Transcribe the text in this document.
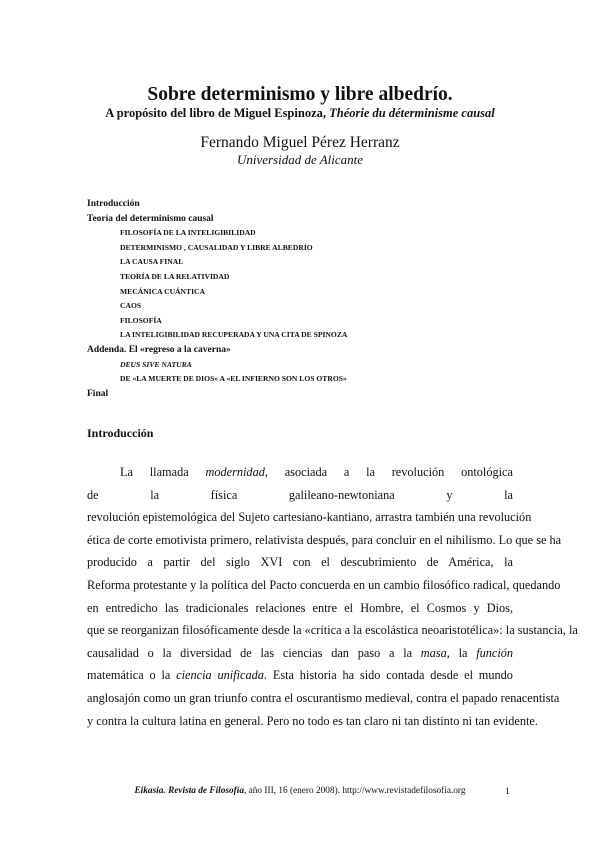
Sobre determinismo y libre albedrío.
A propósito del libro de Miguel Espinoza, Théorie du déterminisme causal
Fernando Miguel Pérez Herranz
Universidad de Alicante
Introducción
Teoría del determinismo causal
FILOSOFÍA DE LA INTELIGIBILIDAD
DETERMINISMO , CAUSALIDAD Y LIBRE ALBEDRÍO
LA CAUSA FINAL
TEORÍA DE LA RELATIVIDAD
MECÁNICA CUÁNTICA
CAOS
FILOSOFÍA
LA INTELIGIBILIDAD RECUPERADA Y UNA CITA DE SPINOZA
Addenda. El «regreso a la caverna»
DEUS SIVE NATURA
DE «LA MUERTE DE DIOS» A «EL INFIERNO SON LOS OTROS»
Final
Introducción
La llamada modernidad, asociada a la revolución ontológica
de	la	física	galileano-newtoniana	y	la
revolución epistemológica del Sujeto cartesiano-kantiano, arrastra también una revolución
ética de corte emotivista primero, relativista después, para concluir en el nihilismo. Lo que se ha
producido a partir del siglo XVI con el descubrimiento de América, la
Reforma protestante y la política del Pacto concuerda en un cambio filosófico radical, quedando
en entredicho las tradicionales relaciones entre el Hombre, el Cosmos y Dios,
que se reorganizan filosóficamente desde la «crítica a la escolástica neoaristotélica»: la sustancia, la
causalidad o la diversidad de las ciencias dan paso a la masa, la función
matemática o la ciencia unificada. Esta historia ha sido contada desde el mundo
anglosajón como un gran triunfo contra el oscurantismo medieval, contra el papado renacentista
y contra la cultura latina en general. Pero no todo es tan claro ni tan distinto ni tan evidente.
Eikasia. Revista de Filosofía, año III, 16 (enero 2008). http://www.revistadefilosofia.org	1
